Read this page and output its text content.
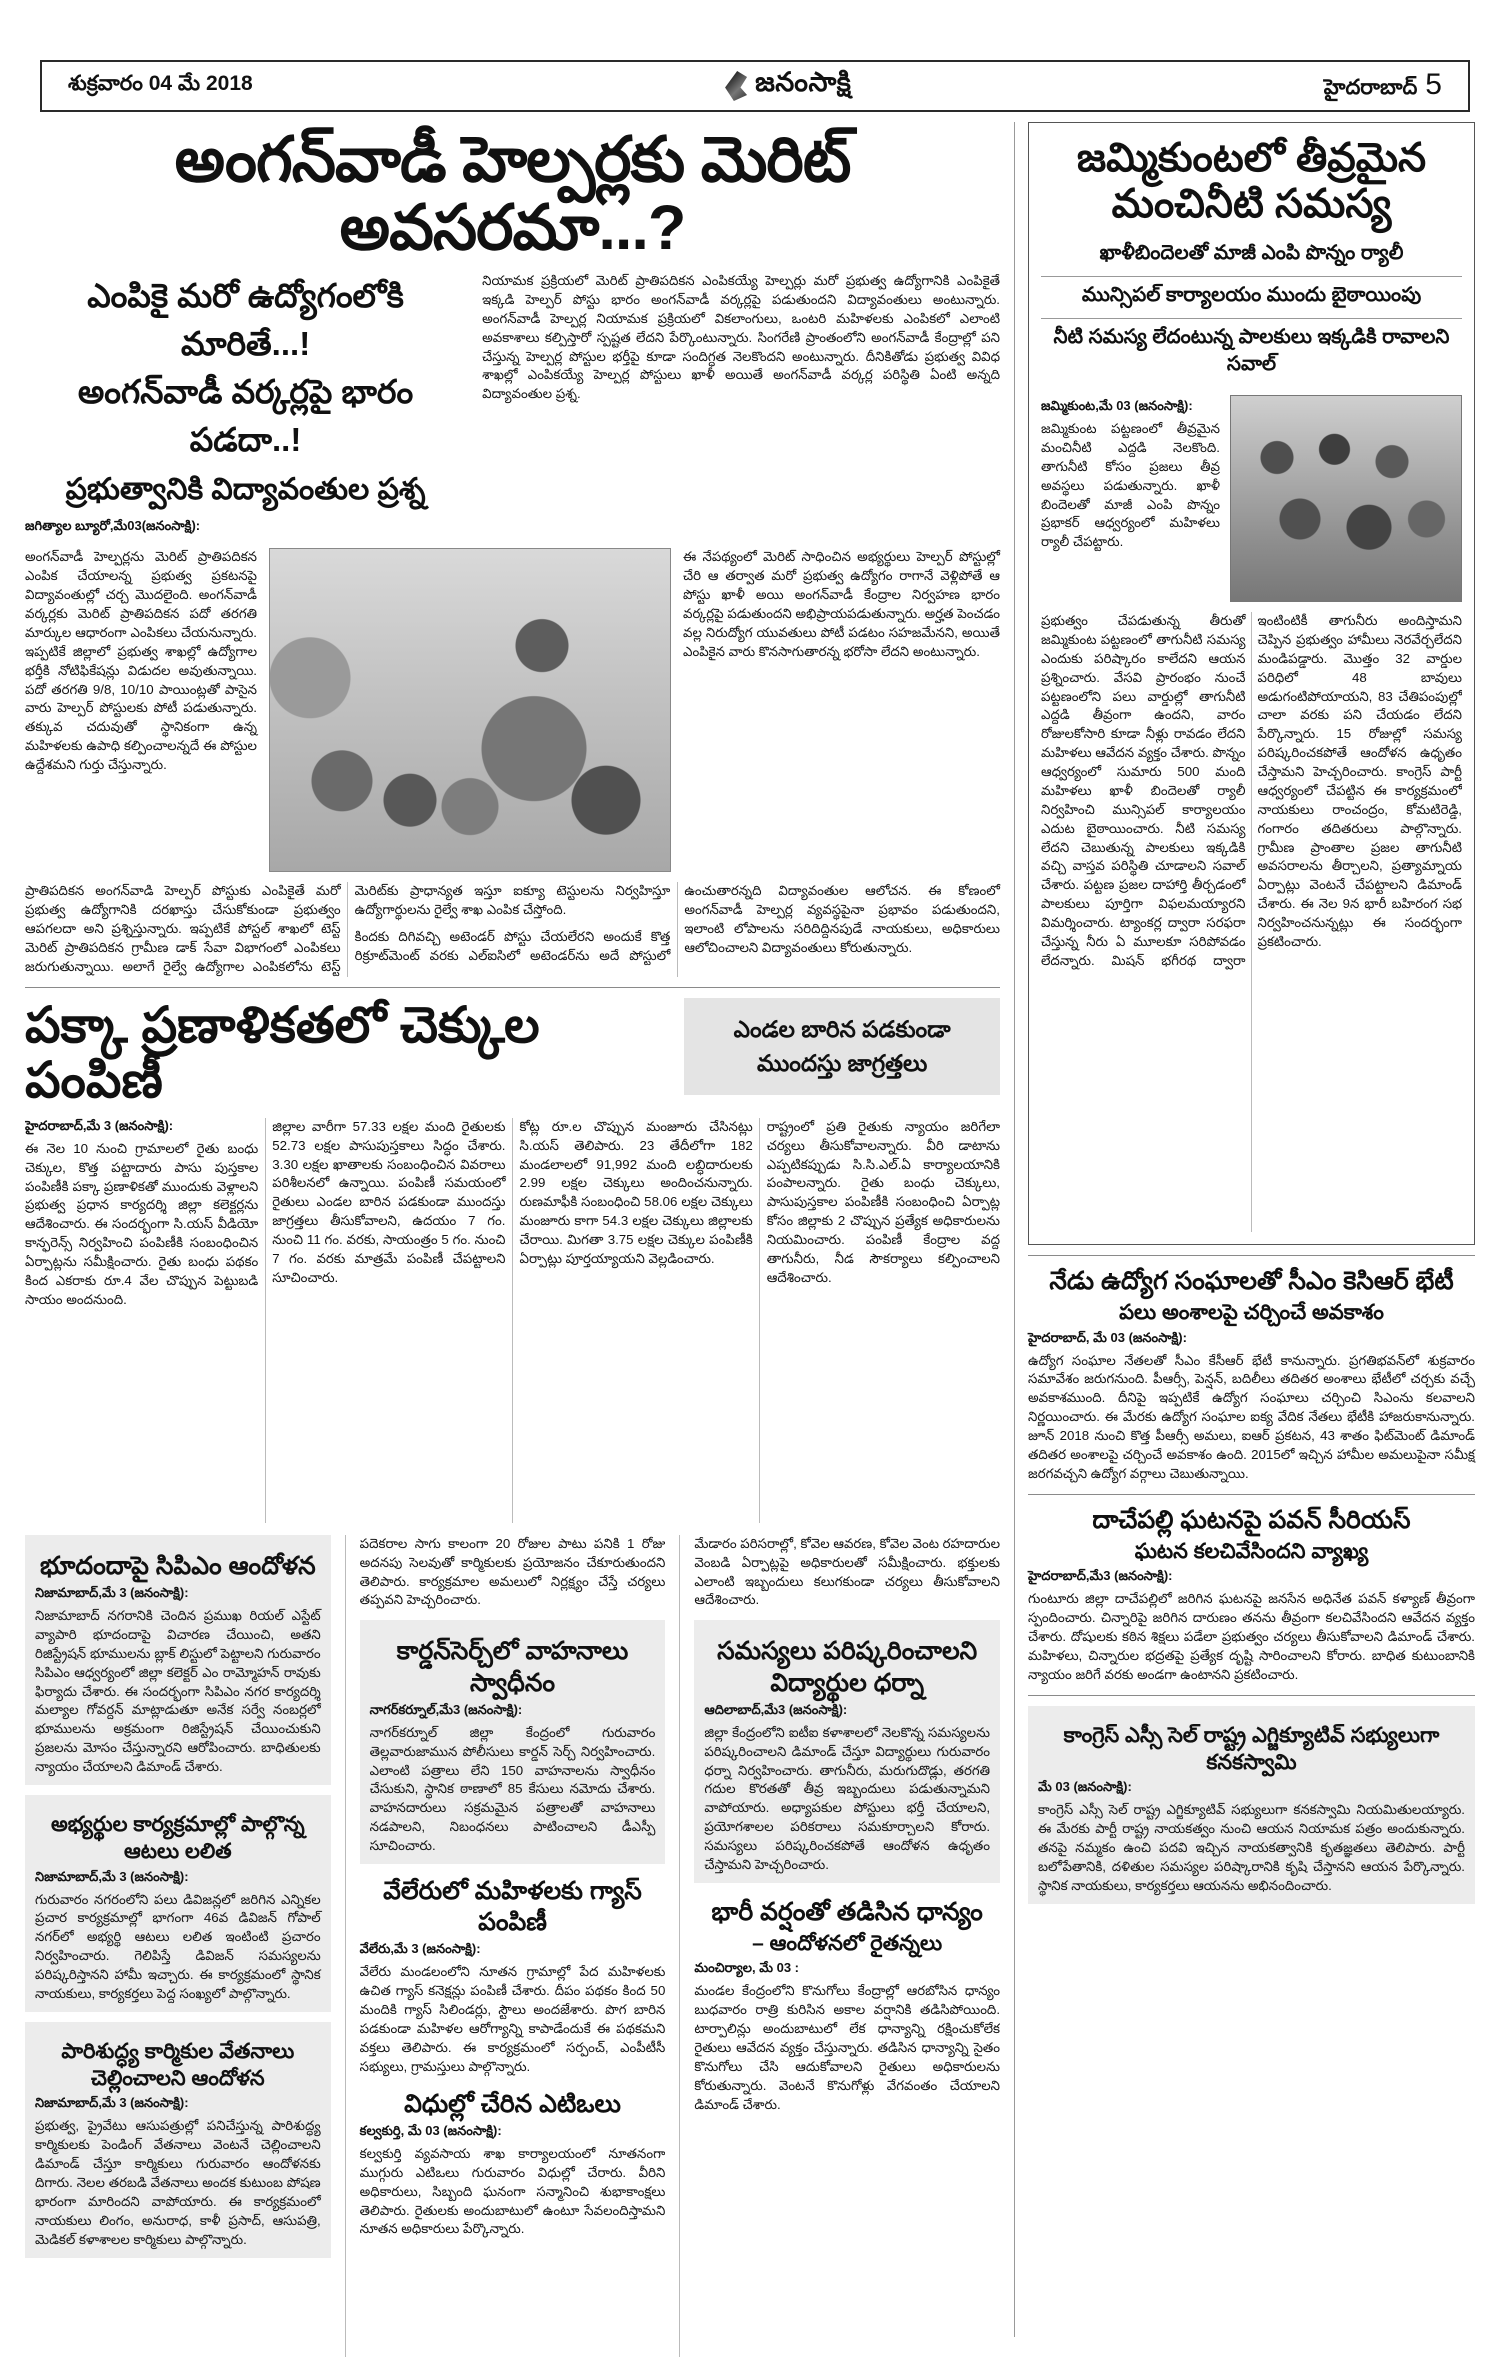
శుక్రవారం 04 మే 2018	జనంసాక్షి	హైదరాబాద్ 5
అంగన్‌వాడీ హెల్పర్లకు మెరిట్ అవసరమా...?
ఎంపికై మరో ఉద్యోగంలోకి మారితే...!
అంగన్‌వాడీ వర్కర్లపై భారం పడదా..!
ప్రభుత్వానికి విద్యావంతుల ప్రశ్న
జగిత్యాల బ్యూరో,మే03(జనంసాక్షి):
నియామక ప్రక్రియలో మెరిట్ ప్రాతిపదికన ఎంపికయ్యే హెల్పర్లు మరో ప్రభుత్వ ఉద్యోగానికి ఎంపికైతే ఇక్కడి హెల్పర్ పోస్టు భారం అంగన్‌వాడీ వర్కర్లపై పడుతుందని విద్యావంతులు అంటున్నారు. అంగన్‌వాడీ హెల్పర్ల నియామక ప్రక్రియలో వికలాంగులు, ఒంటరి మహిళలకు ఎంపికలో ఎలాంటి అవకాశాలు కల్పిస్తారో స్పష్టత లేదని పేర్కొంటున్నారు. సింగరేణి ప్రాంతంలోని అంగన్‌వాడీ కేంద్రాల్లో పని చేస్తున్న హెల్పర్ల పోస్టుల భర్తీపై కూడా సందిగ్ధత నెలకొందని అంటున్నారు. దీనికితోడు ప్రభుత్వ వివిధ శాఖల్లో ఎంపికయ్యే హెల్పర్ల పోస్టులు ఖాళీ అయితే అంగన్‌వాడీ వర్కర్ల పరిస్థితి ఏంటి అన్నది విద్యావంతుల ప్రశ్న.
అంగన్‌వాడీ హెల్పర్లను మెరిట్ ప్రాతిపదికన ఎంపిక చేయాలన్న ప్రభుత్వ ప్రకటనపై విద్యావంతుల్లో చర్చ మొదలైంది. అంగన్‌వాడీ వర్కర్లకు మెరిట్ ప్రాతిపదికన పదో తరగతి మార్కుల ఆధారంగా ఎంపికలు చేయనున్నారు. ఇప్పటికే జిల్లాలో ప్రభుత్వ శాఖల్లో ఉద్యోగాల భర్తీకి నోటిఫికేషన్లు విడుదల అవుతున్నాయి. పదో తరగతి 9/8, 10/10 పాయింట్లతో పాసైన వారు హెల్పర్ పోస్టులకు పోటీ పడుతున్నారు. తక్కువ చదువుతో స్థానికంగా ఉన్న మహిళలకు ఉపాధి కల్పించాలన్నదే ఈ పోస్టుల ఉద్దేశమని గుర్తు చేస్తున్నారు.
ఈ నేపథ్యంలో మెరిట్ సాధించిన అభ్యర్థులు హెల్పర్ పోస్టుల్లో చేరి ఆ తర్వాత మరో ప్రభుత్వ ఉద్యోగం రాగానే వెళ్లిపోతే ఆ పోస్టు ఖాళీ అయి అంగన్‌వాడీ కేంద్రాల నిర్వహణ భారం వర్కర్లపై పడుతుందని అభిప్రాయపడుతున్నారు. అర్హత పెంచడం వల్ల నిరుద్యోగ యువతులు పోటీ పడటం సహజమేనని, అయితే ఎంపికైన వారు కొనసాగుతారన్న భరోసా లేదని అంటున్నారు.

ప్రాతిపదికన అంగన్‌వాడి హెల్పర్ పోస్టుకు ఎంపికైతే మరో ప్రభుత్వ ఉద్యోగానికి దరఖాస్తు చేసుకోకుండా ప్రభుత్వం ఆపగలదా అని ప్రశ్నిస్తున్నారు. ఇప్పటికే పోస్టల్ శాఖలో టెస్ట్ మెరిట్ ప్రాతిపదికన గ్రామీణ డాక్ సేవా విభాగంలో ఎంపికలు జరుగుతున్నాయి. అలాగే రైల్వే ఉద్యోగాల ఎంపికలోను టెస్ట్ మెరిట్‌కు ప్రాధాన్యత ఇస్తూ ఐక్యూ టెస్టులను నిర్వహిస్తూ ఉద్యోగార్థులను రైల్వే శాఖ ఎంపిక చేస్తోంది.

కిందకు దిగివచ్చి అటెండర్ పోస్టు చేయలేరని అందుకే కొత్త రిక్రూట్‌మెంట్ వరకు ఎల్ఐసిలో అటెండర్‌ను అదే పోస్టులో ఉంచుతారన్నది విద్యావంతుల ఆలోచన. ఈ కోణంలో అంగన్‌వాడీ హెల్పర్ల వ్యవస్థపైనా ప్రభావం పడుతుందని, ఇలాంటి లోపాలను సరిదిద్దినపుడే నాయకులు, అధికారులు ఆలోచించాలని విద్యావంతులు కోరుతున్నారు.

పక్కా ప్రణాళికతలో చెక్కుల పంపిణీ
ఎండల బారిన పడకుండా ముందస్తు జాగ్రత్తలు

హైదరాబాద్,మే 3 (జనంసాక్షి):

ఈ నెల 10 నుంచి గ్రామాలలో రైతు బంధు చెక్కుల, కొత్త పట్టాదారు పాసు పుస్తకాల పంపిణీకి పక్కా ప్రణాళికతో ముందుకు వెళ్లాలని ప్రభుత్వ ప్రధాన కార్యదర్శి జిల్లా కలెక్టర్లను ఆదేశించారు. ఈ సందర్భంగా సి.యస్ వీడియో కాన్ఫరెన్స్ నిర్వహించి పంపిణీకి సంబంధించిన ఏర్పాట్లను సమీక్షించారు. రైతు బంధు పథకం కింద ఎకరాకు రూ.4 వేల చొప్పున పెట్టుబడి సాయం అందనుంది.

జిల్లాల వారీగా 57.33 లక్షల మంది రైతులకు 52.73 లక్షల పాసుపుస్తకాలు సిద్ధం చేశారు. 3.30 లక్షల ఖాతాలకు సంబంధించిన వివరాలు పరిశీలనలో ఉన్నాయి. పంపిణీ సమయంలో రైతులు ఎండల బారిన పడకుండా ముందస్తు జాగ్రత్తలు తీసుకోవాలని, ఉదయం 7 గం. నుంచి 11 గం. వరకు, సాయంత్రం 5 గం. నుంచి 7 గం. వరకు మాత్రమే పంపిణీ చేపట్టాలని సూచించారు.

కోట్ల రూ.ల చొప్పున మంజూరు చేసినట్లు సి.యస్ తెలిపారు. 23 తేదీలోగా 182 మండలాలలో 91,992 మంది లబ్ధిదారులకు 2.99 లక్షల చెక్కులు అందించనున్నారు. రుణమాఫీకి సంబంధించి 58.06 లక్షల చెక్కులు మంజూరు కాగా 54.3 లక్షల చెక్కులు జిల్లాలకు చేరాయి. మిగతా 3.75 లక్షల చెక్కుల పంపిణీకి ఏర్పాట్లు పూర్తయ్యాయని వెల్లడించారు.

రాష్ట్రంలో ప్రతి రైతుకు న్యాయం జరిగేలా చర్యలు తీసుకోవాలన్నారు. వీరి డాటాను ఎప్పటికప్పుడు సి.సి.ఎల్.ఏ కార్యాలయానికి పంపాలన్నారు. రైతు బంధు చెక్కులు, పాసుపుస్తకాల పంపిణీకి సంబంధించి ఏర్పాట్ల కోసం జిల్లాకు 2 చొప్పున ప్రత్యేక అధికారులను నియమించారు. పంపిణీ కేంద్రాల వద్ద తాగునీరు, నీడ సౌకర్యాలు కల్పించాలని ఆదేశించారు.

భూదందాపై సిపిఎం ఆందోళన
నిజామాబాద్,మే 3 (జనంసాక్షి):
నిజామాబాద్ నగరానికి చెందిన ప్రముఖ రియల్ ఎస్టేట్ వ్యాపారి భూదందాపై విచారణ చేయించి, అతని రిజిస్ట్రేషన్ భూములను బ్లాక్ లిస్టులో పెట్టాలని గురువారం సిపిఎం ఆధ్వర్యంలో జిల్లా కలెక్టర్ ఎం రామ్మోహన్ రావుకు ఫిర్యాదు చేశారు. ఈ సందర్భంగా సిపిఎం నగర కార్యదర్శి మల్యాల గోవర్దన్ మాట్లాడుతూ అనేక సర్వే నంబర్లలో భూములను అక్రమంగా రిజిస్ట్రేషన్ చేయించుకుని ప్రజలను మోసం చేస్తున్నారని ఆరోపించారు. బాధితులకు న్యాయం చేయాలని డిమాండ్ చేశారు.
అభ్యర్థుల కార్యక్రమాల్లో పాల్గొన్న ఆటలు లలిత
నిజామాబాద్,మే 3 (జనంసాక్షి):
గురువారం నగరంలోని పలు డివిజన్లలో జరిగిన ఎన్నికల ప్రచార కార్యక్రమాల్లో భాగంగా 46వ డివిజన్ గోపాల్ నగర్‌లో అభ్యర్థి ఆటలు లలిత ఇంటింటి ప్రచారం నిర్వహించారు. గెలిపిస్తే డివిజన్ సమస్యలను పరిష్కరిస్తానని హామీ ఇచ్చారు. ఈ కార్యక్రమంలో స్థానిక నాయకులు, కార్యకర్తలు పెద్ద సంఖ్యలో పాల్గొన్నారు.
పారిశుద్ధ్య కార్మికుల వేతనాలు చెల్లించాలని ఆందోళన
నిజామాబాద్,మే 3 (జనంసాక్షి):
ప్రభుత్వ, ప్రైవేటు ఆసుపత్రుల్లో పనిచేస్తున్న పారిశుద్ధ్య కార్మికులకు పెండింగ్ వేతనాలు వెంటనే చెల్లించాలని డిమాండ్ చేస్తూ కార్మికులు గురువారం ఆందోళనకు దిగారు. నెలల తరబడి వేతనాలు అందక కుటుంబ పోషణ భారంగా మారిందని వాపోయారు. ఈ కార్యక్రమంలో నాయకులు లింగం, అనురాధ, కాళీ ప్రసాద్, ఆసుపత్రి, మెడికల్ కళాశాలల కార్మికులు పాల్గొన్నారు.

పదెకరాల సాగు కాలంగా 20 రోజుల పాటు పనికి 1 రోజు అదనపు సెలవుతో కార్మికులకు ప్రయోజనం చేకూరుతుందని తెలిపారు. కార్యక్రమాల అమలులో నిర్లక్ష్యం చేస్తే చర్యలు తప్పవని హెచ్చరించారు.

కార్డన్‌సెర్చ్‌లో వాహనాలు స్వాధీనం
నాగర్‌కర్నూల్,మే3 (జనంసాక్షి):
నాగర్‌కర్నూల్ జిల్లా కేంద్రంలో గురువారం తెల్లవారుజామున పోలీసులు కార్డన్ సెర్చ్ నిర్వహించారు. ఎలాంటి పత్రాలు లేని 150 వాహనాలను స్వాధీనం చేసుకుని, స్థానిక ఠాణాలో 85 కేసులు నమోదు చేశారు. వాహనదారులు సక్రమమైన పత్రాలతో వాహనాలు నడపాలని, నిబంధనలు పాటించాలని డీఎస్పీ సూచించారు.
వేలేరులో మహిళలకు గ్యాస్ పంపిణీ
వేలేరు,మే 3 (జనంసాక్షి):
వేలేరు మండలంలోని నూతన గ్రామాల్లో పేద మహిళలకు ఉచిత గ్యాస్ కనెక్షన్లు పంపిణీ చేశారు. దీపం పథకం కింద 50 మందికి గ్యాస్ సిలిండర్లు, స్టౌలు అందజేశారు. పొగ బారిన పడకుండా మహిళల ఆరోగ్యాన్ని కాపాడేందుకే ఈ పథకమని వక్తలు తెలిపారు. ఈ కార్యక్రమంలో సర్పంచ్, ఎంపీటీసీ సభ్యులు, గ్రామస్తులు పాల్గొన్నారు.
విధుల్లో చేరిన ఎటిఒలు
కల్వకుర్తి, మే 03 (జనంసాక్షి):
కల్వకుర్తి వ్యవసాయ శాఖ కార్యాలయంలో నూతనంగా ముగ్గురు ఎటిఒలు గురువారం విధుల్లో చేరారు. వీరిని అధికారులు, సిబ్బంది ఘనంగా సన్మానించి శుభాకాంక్షలు తెలిపారు. రైతులకు అందుబాటులో ఉంటూ సేవలందిస్తామని నూతన అధికారులు పేర్కొన్నారు.

మేడారం పరిసరాల్లో, కోవెల ఆవరణ, కోవెల వెంట రహదారుల వెంబడి ఏర్పాట్లపై అధికారులతో సమీక్షించారు. భక్తులకు ఎలాంటి ఇబ్బందులు కలుగకుండా చర్యలు తీసుకోవాలని ఆదేశించారు.

సమస్యలు పరిష్కరించాలని విద్యార్థుల ధర్నా
ఆదిలాబాద్,మే3 (జనంసాక్షి):
జిల్లా కేంద్రంలోని ఐటీఐ కళాశాలలో నెలకొన్న సమస్యలను పరిష్కరించాలని డిమాండ్ చేస్తూ విద్యార్థులు గురువారం ధర్నా నిర్వహించారు. తాగునీరు, మరుగుదొడ్లు, తరగతి గదుల కొరతతో తీవ్ర ఇబ్బందులు పడుతున్నామని వాపోయారు. అధ్యాపకుల పోస్టులు భర్తీ చేయాలని, ప్రయోగశాలల పరికరాలు సమకూర్చాలని కోరారు. సమస్యలు పరిష్కరించకపోతే ఆందోళన ఉధృతం చేస్తామని హెచ్చరించారు.
భారీ వర్షంతో తడిసిన ధాన్యం
– ఆందోళనలో రైతన్నలు
మంచిర్యాల, మే 03 :
మండల కేంద్రంలోని కొనుగోలు కేంద్రాల్లో ఆరబోసిన ధాన్యం బుధవారం రాత్రి కురిసిన అకాల వర్షానికి తడిసిపోయింది. టార్పాలిన్లు అందుబాటులో లేక ధాన్యాన్ని రక్షించుకోలేక రైతులు ఆవేదన వ్యక్తం చేస్తున్నారు. తడిసిన ధాన్యాన్ని సైతం కొనుగోలు చేసి ఆదుకోవాలని రైతులు అధికారులను కోరుతున్నారు. వెంటనే కొనుగోళ్లు వేగవంతం చేయాలని డిమాండ్ చేశారు.
జమ్మికుంటలో తీవ్రమైన మంచినీటి సమస్య
ఖాళీబిందెలతో మాజీ ఎంపి పొన్నం ర్యాలీ
మున్సిపల్ కార్యాలయం ముందు బైఠాయింపు
నీటి సమస్య లేదంటున్న పాలకులు ఇక్కడికి రావాలని సవాల్
జమ్మికుంట,మే 03 (జనంసాక్షి):
జమ్మికుంట పట్టణంలో తీవ్రమైన మంచినీటి ఎద్దడి నెలకొంది. తాగునీటి కోసం ప్రజలు తీవ్ర అవస్థలు పడుతున్నారు. ఖాళీ బిందెలతో మాజీ ఎంపి పొన్నం ప్రభాకర్ ఆధ్వర్యంలో మహిళలు ర్యాలీ చేపట్టారు.
ప్రభుత్వం చేపడుతున్న తీరుతో జమ్మికుంట పట్టణంలో తాగునీటి సమస్య ఎందుకు పరిష్కారం కాలేదని ఆయన ప్రశ్నించారు. వేసవి ప్రారంభం నుంచే పట్టణంలోని పలు వార్డుల్లో తాగునీటి ఎద్దడి తీవ్రంగా ఉందని, వారం రోజులకోసారి కూడా నీళ్లు రావడం లేదని మహిళలు ఆవేదన వ్యక్తం చేశారు. పొన్నం ఆధ్వర్యంలో సుమారు 500 మంది మహిళలు ఖాళీ బిందెలతో ర్యాలీ నిర్వహించి మున్సిపల్ కార్యాలయం ఎదుట బైఠాయించారు. నీటి సమస్య లేదని చెబుతున్న పాలకులు ఇక్కడికి వచ్చి వాస్తవ పరిస్థితి చూడాలని సవాల్ చేశారు. పట్టణ ప్రజల దాహార్తి తీర్చడంలో పాలకులు పూర్తిగా విఫలమయ్యారని విమర్శించారు. ట్యాంకర్ల ద్వారా సరఫరా చేస్తున్న నీరు ఏ మూలకూ సరిపోవడం లేదన్నారు. మిషన్ భగీరథ ద్వారా ఇంటింటికీ తాగునీరు అందిస్తామని చెప్పిన ప్రభుత్వం హామీలు నెరవేర్చలేదని మండిపడ్డారు. మొత్తం 32 వార్డుల పరిధిలో 48 బావులు అడుగంటిపోయాయని, 83 చేతిపంపుల్లో చాలా వరకు పని చేయడం లేదని పేర్కొన్నారు. 15 రోజుల్లో సమస్య పరిష్కరించకపోతే ఆందోళన ఉధృతం చేస్తామని హెచ్చరించారు. కాంగ్రెస్ పార్టీ ఆధ్వర్యంలో చేపట్టిన ఈ కార్యక్రమంలో నాయకులు రాంచంద్రం, కోమటిరెడ్డి, గంగారం తదితరులు పాల్గొన్నారు. గ్రామీణ ప్రాంతాల ప్రజల తాగునీటి అవసరాలను తీర్చాలని, ప్రత్యామ్నాయ ఏర్పాట్లు వెంటనే చేపట్టాలని డిమాండ్ చేశారు. ఈ నెల 9న భారీ బహిరంగ సభ నిర్వహించనున్నట్లు ఈ సందర్భంగా ప్రకటించారు.
నేడు ఉద్యోగ సంఘాలతో సీఎం కెసిఆర్ భేటీ
పలు అంశాలపై చర్చించే అవకాశం
హైదరాబాద్, మే 03 (జనంసాక్షి):
ఉద్యోగ సంఘాల నేతలతో సీఎం కేసీఆర్ భేటీ కానున్నారు. ప్రగతిభవన్‌లో శుక్రవారం సమావేశం జరుగనుంది. పీఆర్సీ, పెన్షన్, బదిలీలు తదితర అంశాలు భేటీలో చర్చకు వచ్చే అవకాశముంది. దీనిపై ఇప్పటికే ఉద్యోగ సంఘాలు చర్చించి సిఎంను కలవాలని నిర్ణయించారు. ఈ మేరకు ఉద్యోగ సంఘాల ఐక్య వేదిక నేతలు భేటీకి హాజరుకానున్నారు. జూన్ 2018 నుంచి కొత్త పీఆర్సీ అమలు, ఐఆర్ ప్రకటన, 43 శాతం ఫిట్‌మెంట్ డిమాండ్ తదితర అంశాలపై చర్చించే అవకాశం ఉంది. 2015లో ఇచ్చిన హామీల అమలుపైనా సమీక్ష జరగవచ్చని ఉద్యోగ వర్గాలు చెబుతున్నాయి.
దాచేపల్లి ఘటనపై పవన్ సీరియస్
ఘటన కలచివేసిందని వ్యాఖ్య
హైదరాబాద్,మే3 (జనంసాక్షి):
గుంటూరు జిల్లా దాచేపల్లిలో జరిగిన ఘటనపై జనసేన అధినేత పవన్ కళ్యాణ్ తీవ్రంగా స్పందించారు. చిన్నారిపై జరిగిన దారుణం తనను తీవ్రంగా కలచివేసిందని ఆవేదన వ్యక్తం చేశారు. దోషులకు కఠిన శిక్షలు పడేలా ప్రభుత్వం చర్యలు తీసుకోవాలని డిమాండ్ చేశారు. మహిళలు, చిన్నారుల భద్రతపై ప్రత్యేక దృష్టి సారించాలని కోరారు. బాధిత కుటుంబానికి న్యాయం జరిగే వరకు అండగా ఉంటానని ప్రకటించారు.
కాంగ్రెస్ ఎస్సీ సెల్ రాష్ట్ర ఎగ్జిక్యూటివ్ సభ్యులుగా కనకస్వామి
మే 03 (జనంసాక్షి):
కాంగ్రెస్ ఎస్సీ సెల్ రాష్ట్ర ఎగ్జిక్యూటివ్ సభ్యులుగా కనకస్వామి నియమితులయ్యారు. ఈ మేరకు పార్టీ రాష్ట్ర నాయకత్వం నుంచి ఆయన నియామక పత్రం అందుకున్నారు. తనపై నమ్మకం ఉంచి పదవి ఇచ్చిన నాయకత్వానికి కృతజ్ఞతలు తెలిపారు. పార్టీ బలోపేతానికి, దళితుల సమస్యల పరిష్కారానికి కృషి చేస్తానని ఆయన పేర్కొన్నారు. స్థానిక నాయకులు, కార్యకర్తలు ఆయనను అభినందించారు.
